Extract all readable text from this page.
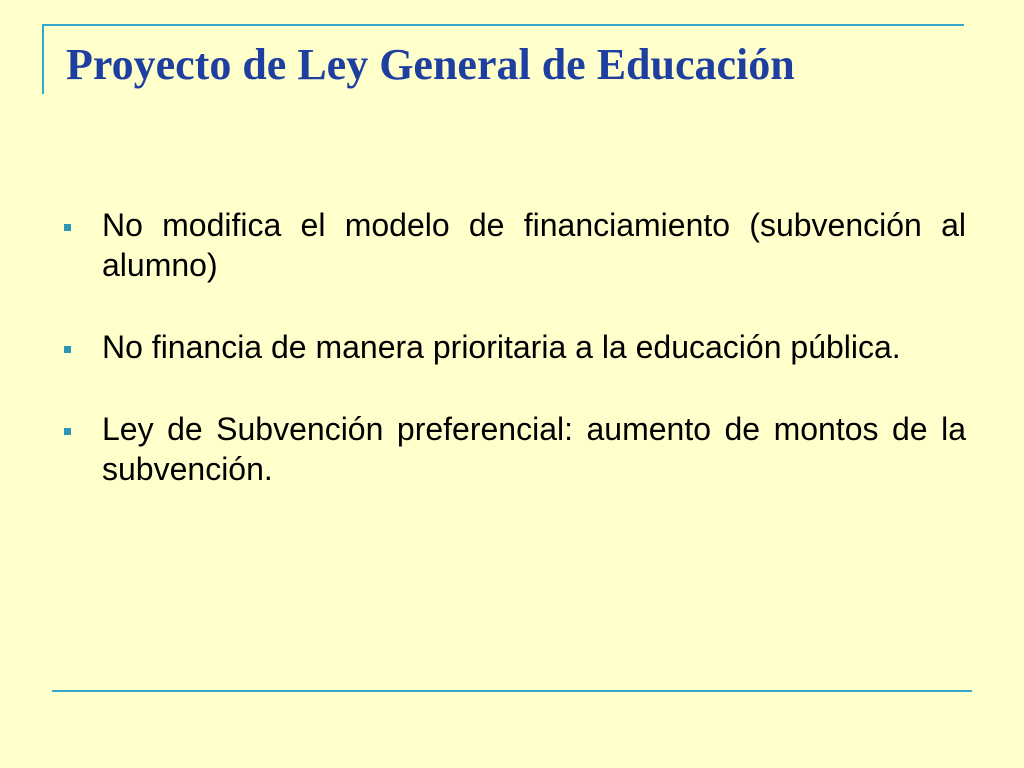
Proyecto de Ley General de Educación
No modifica el modelo de financiamiento (subvención al alumno)
No financia de manera prioritaria a la educación pública.
Ley de Subvención preferencial: aumento de montos de la subvención.
